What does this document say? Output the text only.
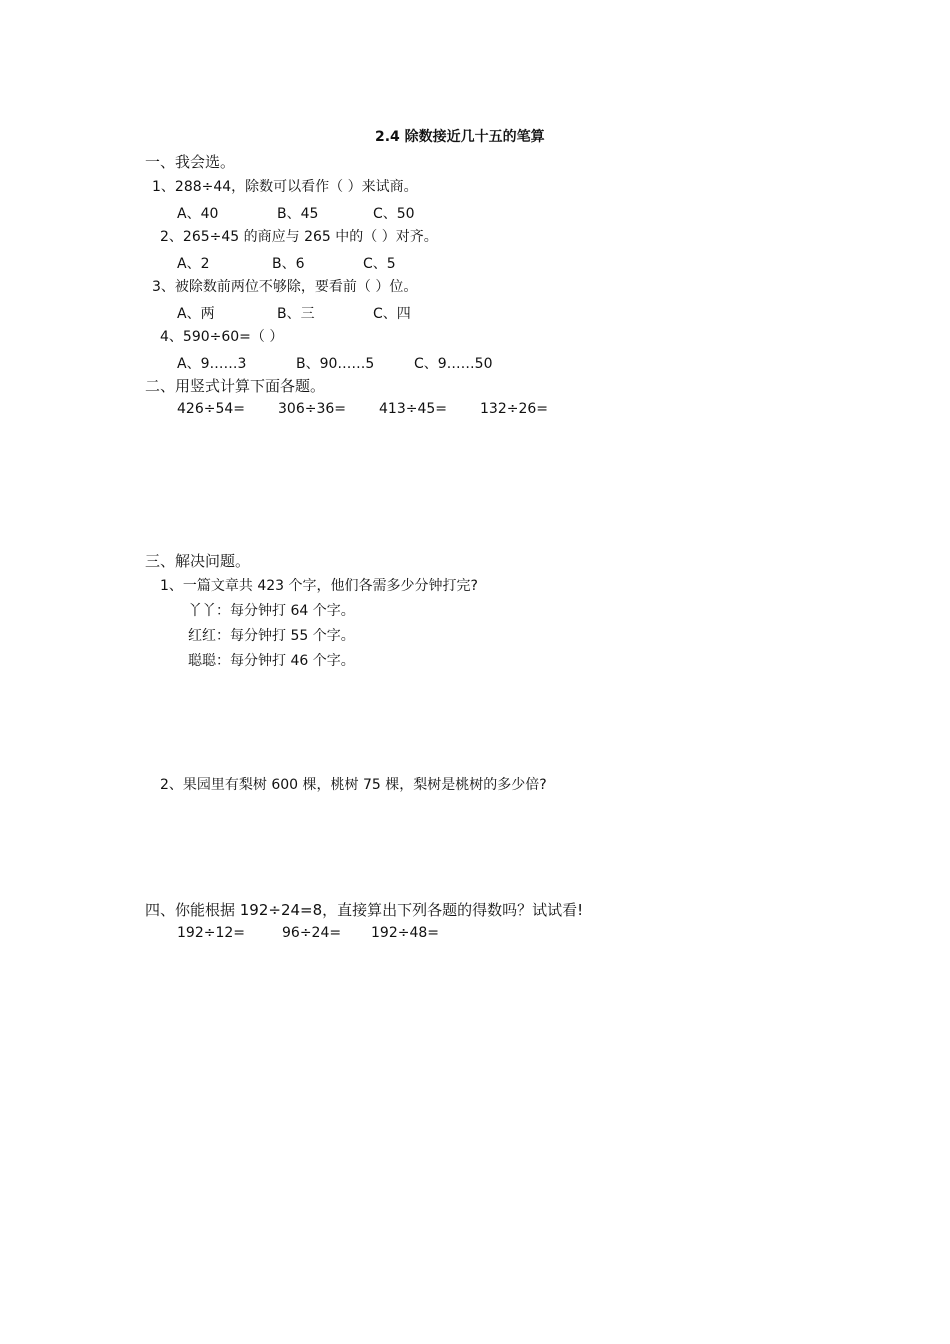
2.4 除数接近几十五的笔算
一、我会选。
1、288÷44，除数可以看作（ ）来试商。
A、40	B、45	C、50
2、265÷45 的商应与 265 中的（ ）对齐。
A、2	B、6	C、5
3、被除数前两位不够除，要看前（ ）位。
A、两	B、三	C、四
4、590÷60=（ ）
A、9……3	B、90……5	C、9……50
二、用竖式计算下面各题。
426÷54= 306÷36= 413÷45= 132÷26=
三、解决问题。
1、一篇文章共 423 个字，他们各需多少分钟打完?
丫丫：每分钟打 64 个字。
红红：每分钟打 55 个字。
聪聪：每分钟打 46 个字。
2、果园里有梨树 600 棵，桃树 75 棵，梨树是桃树的多少倍?
四、你能根据 192÷24=8，直接算出下列各题的得数吗？试试看!
192÷12=	96÷24= 192÷48=
